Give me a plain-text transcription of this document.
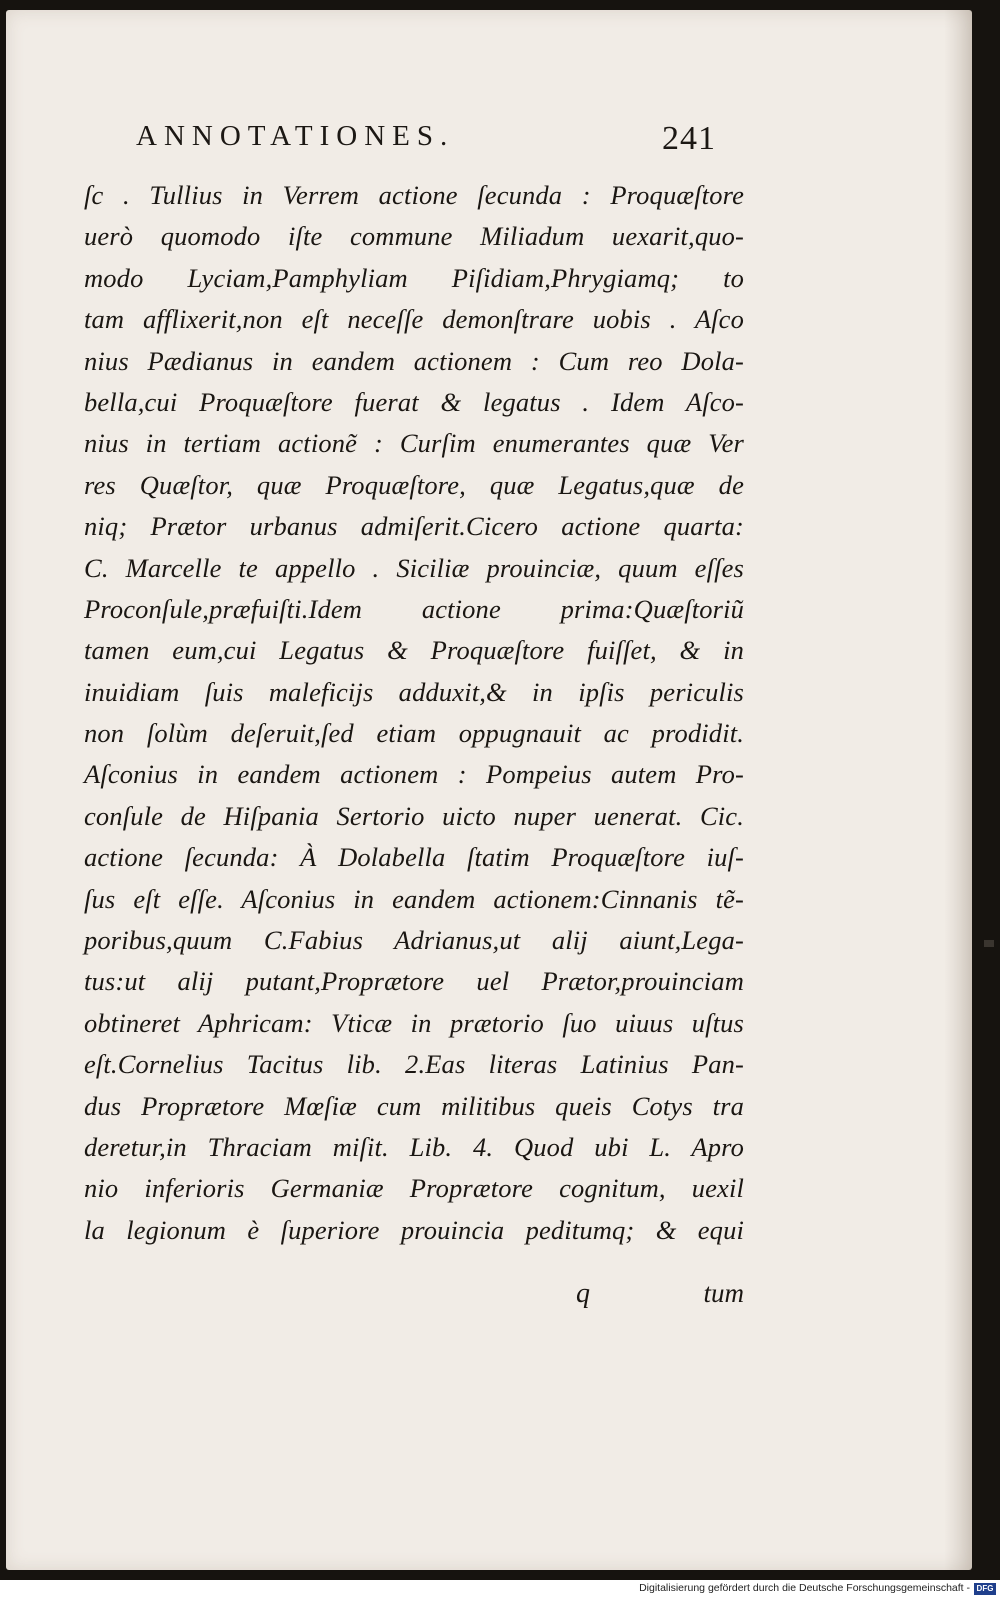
ANNOTATIONES.	241
ſc . Tullius in Verrem actione ſecunda : Proquæſtore
uerò quomodo iſte commune Miliadum uexarit,quo-
modo Lyciam,Pamphyliam Piſidiam,Phrygiamq; to
tam afflixerit,non eſt neceſſe demonſtrare uobis . Aſco
nius Pædianus in eandem actionem : Cum reo Dola-
bella,cui Proquæſtore fuerat & legatus . Idem Aſco-
nius in tertiam actionẽ : Curſim enumerantes quæ Ver
res Quæſtor, quæ Proquæſtore, quæ Legatus,quæ de
niq; Prætor urbanus admiſerit.Cicero actione quarta:
C. Marcelle te appello . Siciliæ prouinciæ, quum eſſes
Proconſule,præfuiſti.Idem actione prima:Quæſtoriũ
tamen eum,cui Legatus & Proquæſtore fuiſſet, & in
inuidiam ſuis maleficijs adduxit,& in ipſis periculis
non ſolùm deſeruit,ſed etiam oppugnauit ac prodidit.
Aſconius in eandem actionem : Pompeius autem Pro-
conſule de Hiſpania Sertorio uicto nuper uenerat. Cic.
actione ſecunda: À Dolabella ſtatim Proquæſtore iuſ-
ſus eſt eſſe. Aſconius in eandem actionem:Cinnanis tẽ-
poribus,quum C.Fabius Adrianus,ut alij aiunt,Lega-
tus:ut alij putant,Proprætore uel Prætor,prouinciam
obtineret Aphricam: Vticæ in prætorio ſuo uiuus uſtus
eſt.Cornelius Tacitus lib. 2.Eas literas Latinius Pan-
dus Proprætore Mœſiæ cum militibus queis Cotys tra
deretur,in Thraciam miſit. Lib. 4. Quod ubi L. Apro
nio inferioris Germaniæ Proprætore cognitum, uexil
la legionum è ſuperiore prouincia peditumq; & equi
q	tum
Digitalisierung gefördert durch die Deutsche Forschungsgemeinschaft - DFG
